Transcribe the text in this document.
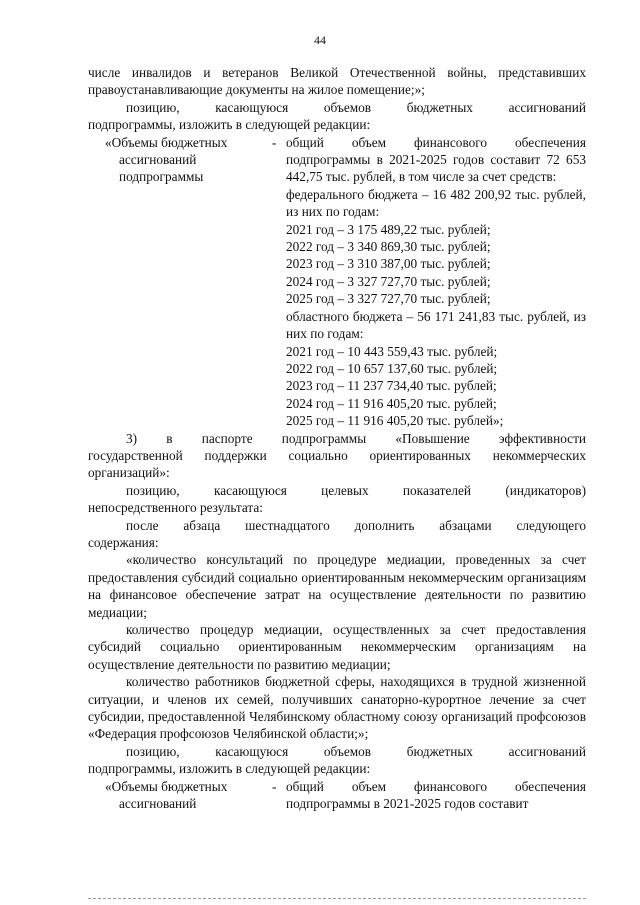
44

числе инвалидов и ветеранов Великой Отечественной войны, представивших

правоустанавливающие документы на жилое помещение;»;

позицию, касающуюся объемов бюджетных ассигнований

подпрограммы, изложить в следующей редакции:

«Объемы бюджетных
ассигнований
подпрограммы
- общий объем финансового обеспечения подпрограммы в 2021-2025 годов составит 72 653 442,75 тыс. рублей, в том числе за счет средств:

федерального бюджета – 16 482 200,92 тыс. рублей, из них по годам:

2021 год – 3 175 489,22 тыс. рублей;

2022 год – 3 340 869,30 тыс. рублей;

2023 год – 3 310 387,00 тыс. рублей;

2024 год – 3 327 727,70 тыс. рублей;

2025 год – 3 327 727,70 тыс. рублей;

областного бюджета – 56 171 241,83 тыс. рублей, из них по годам:

2021 год – 10 443 559,43 тыс. рублей;

2022 год – 10 657 137,60 тыс. рублей;

2023 год – 11 237 734,40 тыс. рублей;

2024 год – 11 916 405,20 тыс. рублей;

2025 год – 11 916 405,20 тыс. рублей»;

3) в паспорте подпрограммы «Повышение эффективности

государственной поддержки социально ориентированных некоммерческих

организаций»:

позицию, касающуюся целевых показателей (индикаторов)

непосредственного результата:

после абзаца шестнадцатого дополнить абзацами следующего

содержания:

«количество консультаций по процедуре медиации, проведенных за счет предоставления субсидий социально ориентированным некоммерческим организациям на финансовое обеспечение затрат на осуществление деятельности по развитию медиации;

количество процедур медиации, осуществленных за счет предоставления субсидий социально ориентированным некоммерческим организациям на осуществление деятельности по развитию медиации;

количество работников бюджетной сферы, находящихся в трудной жизненной ситуации, и членов их семей, получивших санаторно-курортное лечение за счет субсидии, предоставленной Челябинскому областному союзу организаций профсоюзов «Федерация профсоюзов Челябинской области;»;

позицию, касающуюся объемов бюджетных ассигнований

подпрограммы, изложить в следующей редакции:

«Объемы бюджетных
ассигнований
- общий объем финансового обеспечения подпрограммы в 2021-2025 годов составит
